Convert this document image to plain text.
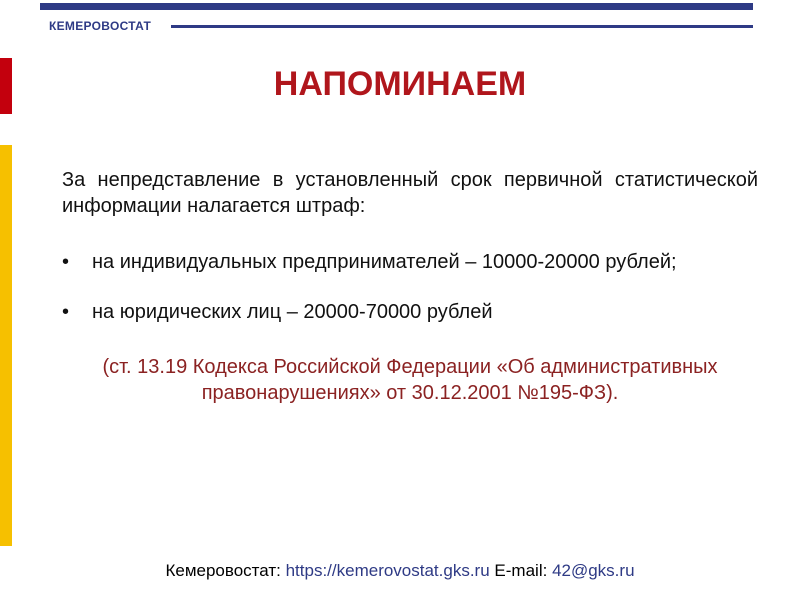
КЕМЕРОВОСТАТ
НАПОМИНАЕМ
За непредставление в установленный срок первичной статистической информации налагается штраф:
• на индивидуальных предпринимателей – 10000-20000 рублей;
• на юридических лиц – 20000-70000 рублей
(ст. 13.19 Кодекса Российской Федерации «Об административных правонарушениях» от 30.12.2001 №195-ФЗ).
Кемеровостат: https://kemerovostat.gks.ru E-mail: 42@gks.ru
